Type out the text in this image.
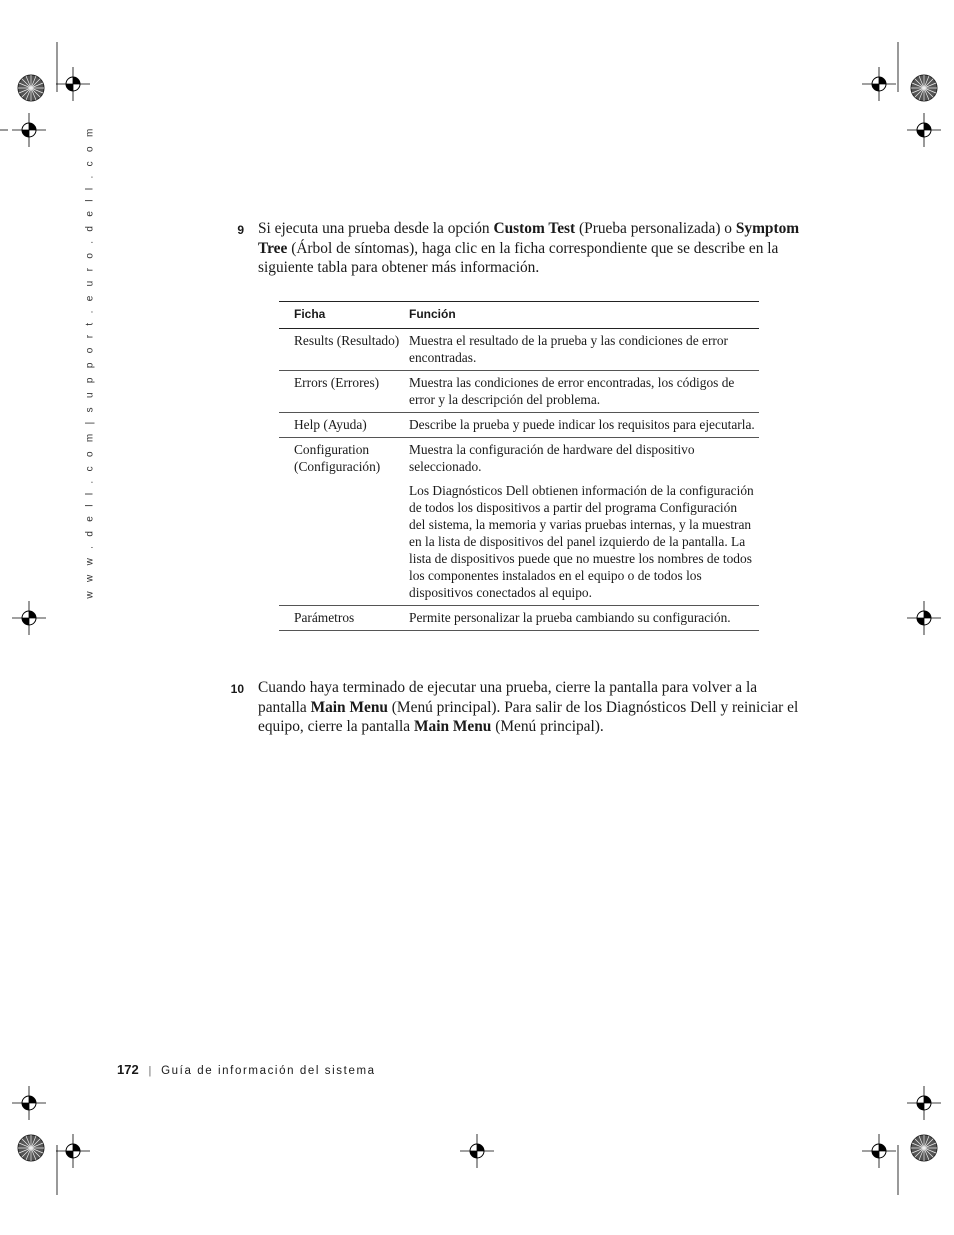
w w w . d e l l . c o m | s u p p o r t . e u r o . d e l l . c o m	9 Si ejecuta una prueba desde la opción Custom Test (Prueba personalizada) o Symptom Tree (Árbol de síntomas), haga clic en la ficha correspondiente que se describe en la siguiente tabla para obtener más información.
Ficha	Función
Results (Resultado)	Muestra el resultado de la prueba y las condiciones de error encontradas.
Errors (Errores)	Muestra las condiciones de error encontradas, los códigos de error y la descripción del problema.
Help (Ayuda)	Describe la prueba y puede indicar los requisitos para ejecutarla.
Configuration (Configuración)	Muestra la configuración de hardware del dispositivo seleccionado.

Los Diagnósticos Dell obtienen información de la configuración de todos los dispositivos a partir del programa Configuración del sistema, la memoria y varias pruebas internas, y la muestran en la lista de dispositivos del panel izquierdo de la pantalla. La lista de dispositivos puede que no muestre los nombres de todos los componentes instalados en el equipo o de todos los dispositivos conectados al equipo.

Parámetros	Permite personalizar la prueba cambiando su configuración.
10 Cuando haya terminado de ejecutar una prueba, cierre la pantalla para volver a la pantalla Main Menu (Menú principal). Para salir de los Diagnósticos Dell y reiniciar el equipo, cierre la pantalla Main Menu (Menú principal).
172 | Guía de información del sistema
